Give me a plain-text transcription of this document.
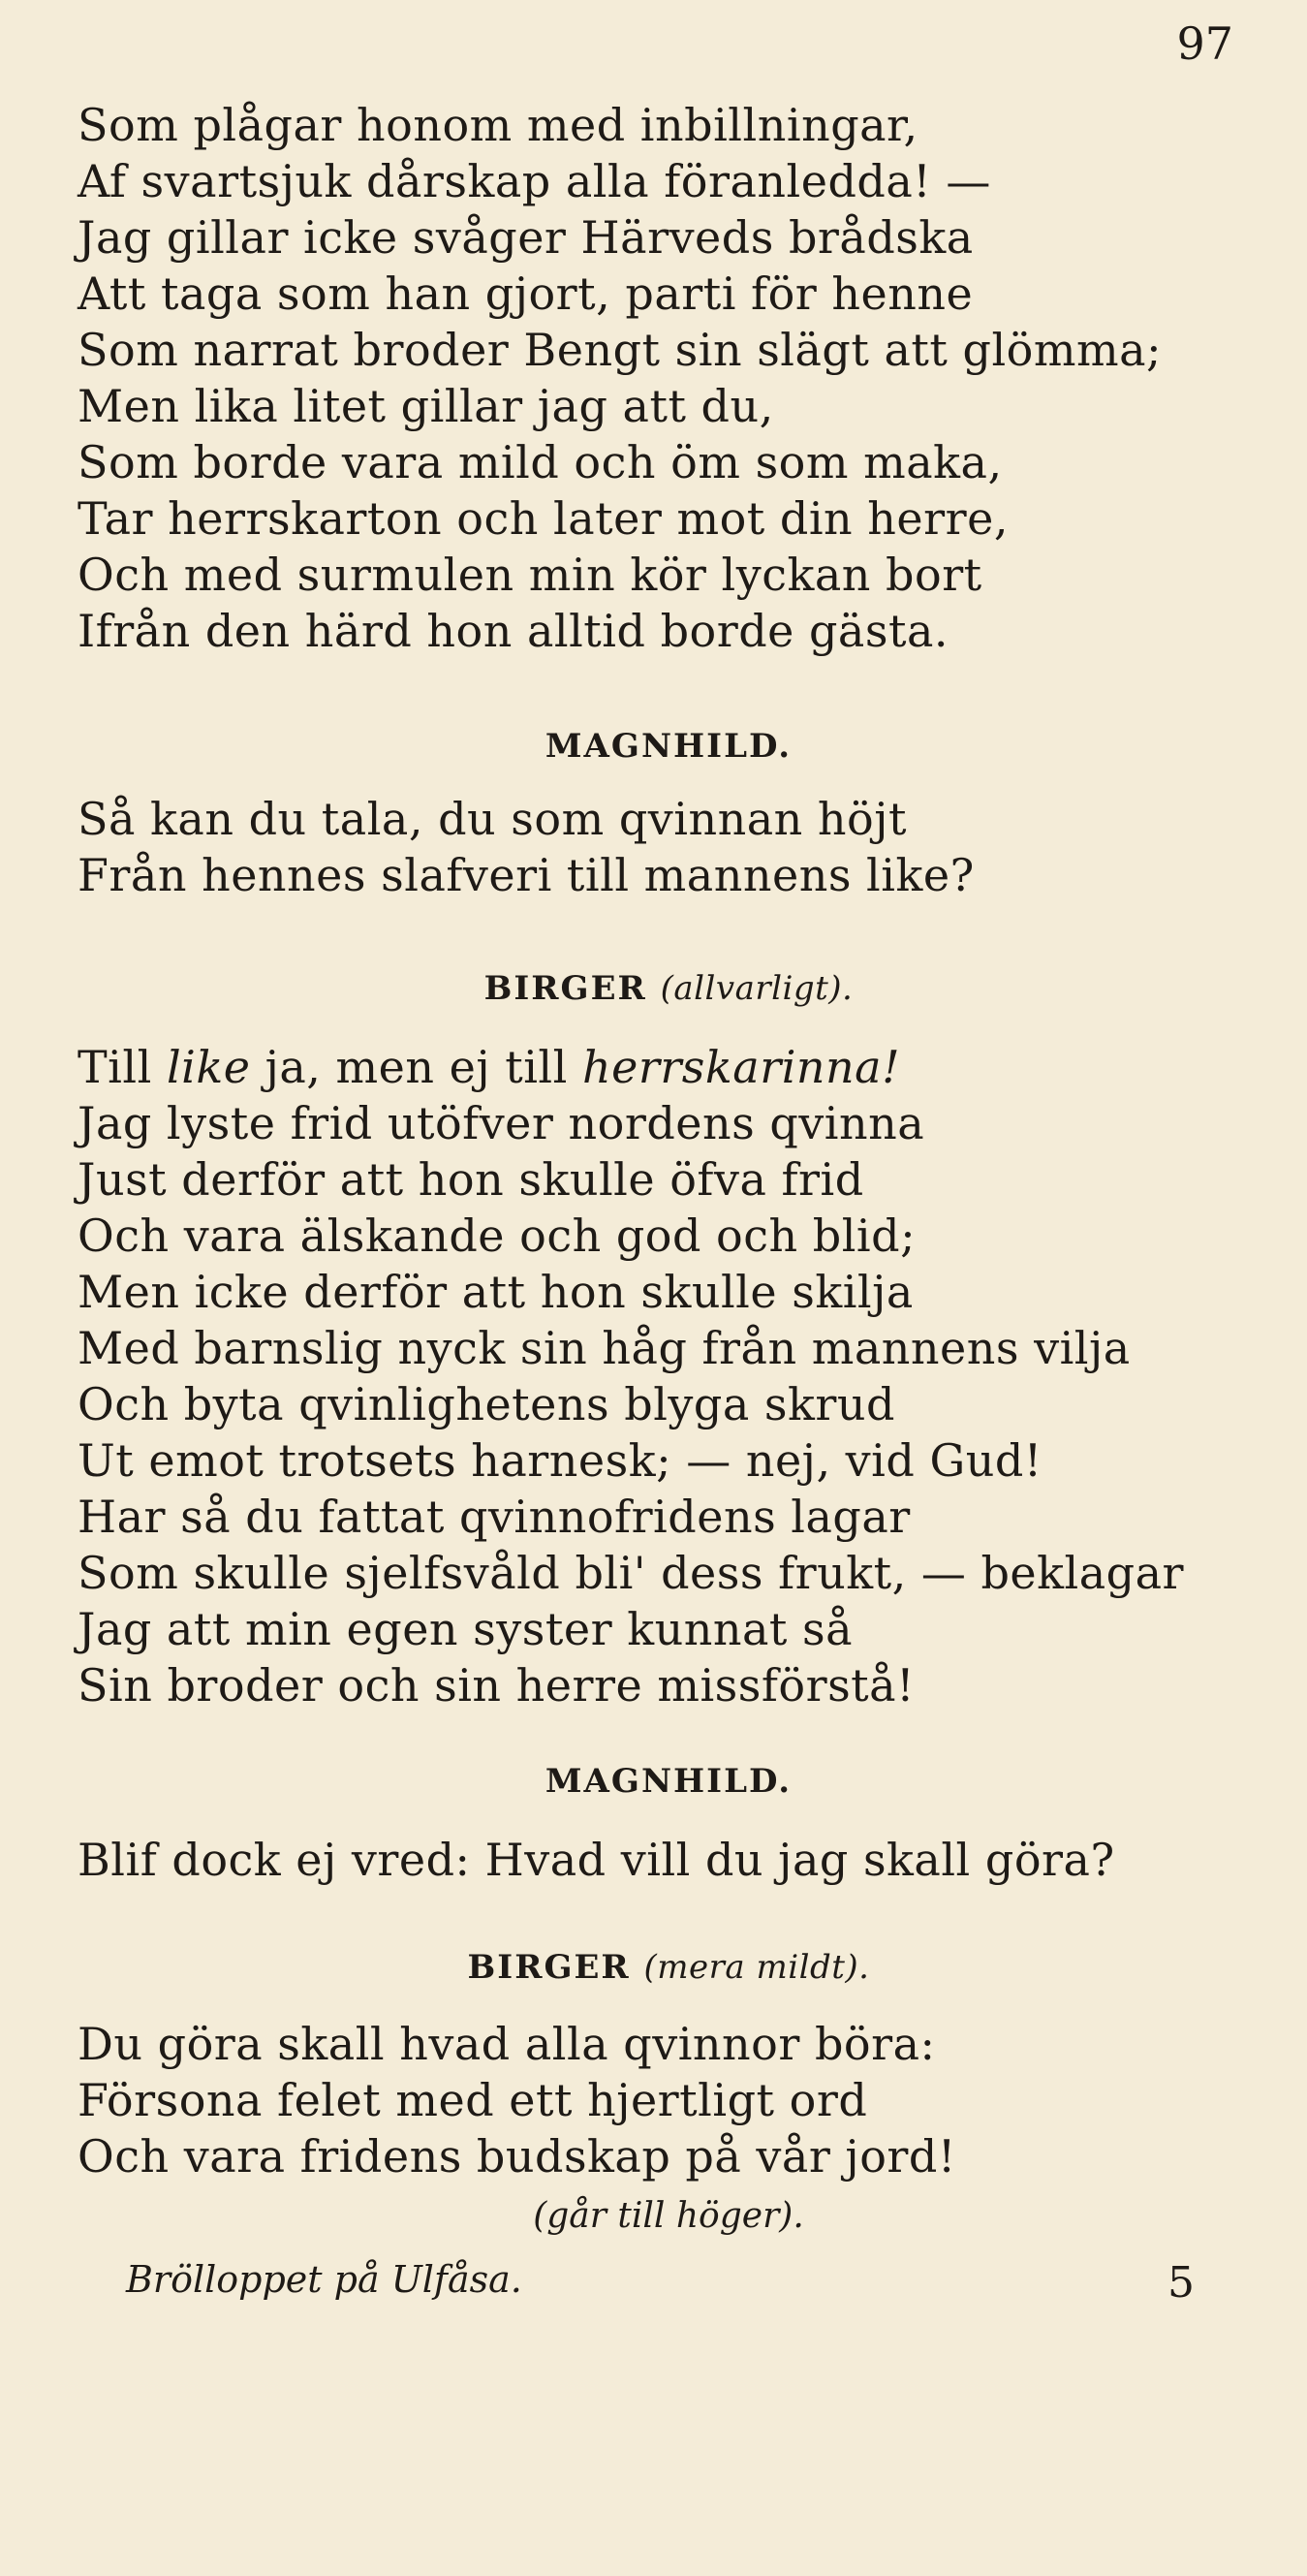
97
Som plågar honom med inbillningar,
Af svartsjuk dårskap alla föranledda! —
Jag gillar icke svåger Härveds brådska
Att taga som han gjort, parti för henne
Som narrat broder Bengt sin slägt att glömma;
Men lika litet gillar jag att du,
Som borde vara mild och öm som maka,
Tar herrskarton och later mot din herre,
Och med surmulen min kör lyckan bort
Ifrån den härd hon alltid borde gästa.
MAGNHILD.
Så kan du tala, du som qvinnan höjt
Från hennes slafveri till mannens like?
BIRGER (allvarligt).
Till like ja, men ej till herrskarinna!
Jag lyste frid utöfver nordens qvinna
Just derför att hon skulle öfva frid
Och vara älskande och god och blid;
Men icke derför att hon skulle skilja
Med barnslig nyck sin håg från mannens vilja
Och byta qvinlighetens blyga skrud
Ut emot trotsets harnesk; — nej, vid Gud!
Har så du fattat qvinnofridens lagar
Som skulle sjelfsvåld bli' dess frukt, — beklagar
Jag att min egen syster kunnat så
Sin broder och sin herre missförstå!
MAGNHILD.
Blif dock ej vred: Hvad vill du jag skall göra?
BIRGER (mera mildt).
Du göra skall hvad alla qvinnor böra:
Försona felet med ett hjertligt ord
Och vara fridens budskap på vår jord!
(går till höger).
Brölloppet på Ulfåsa.	5
